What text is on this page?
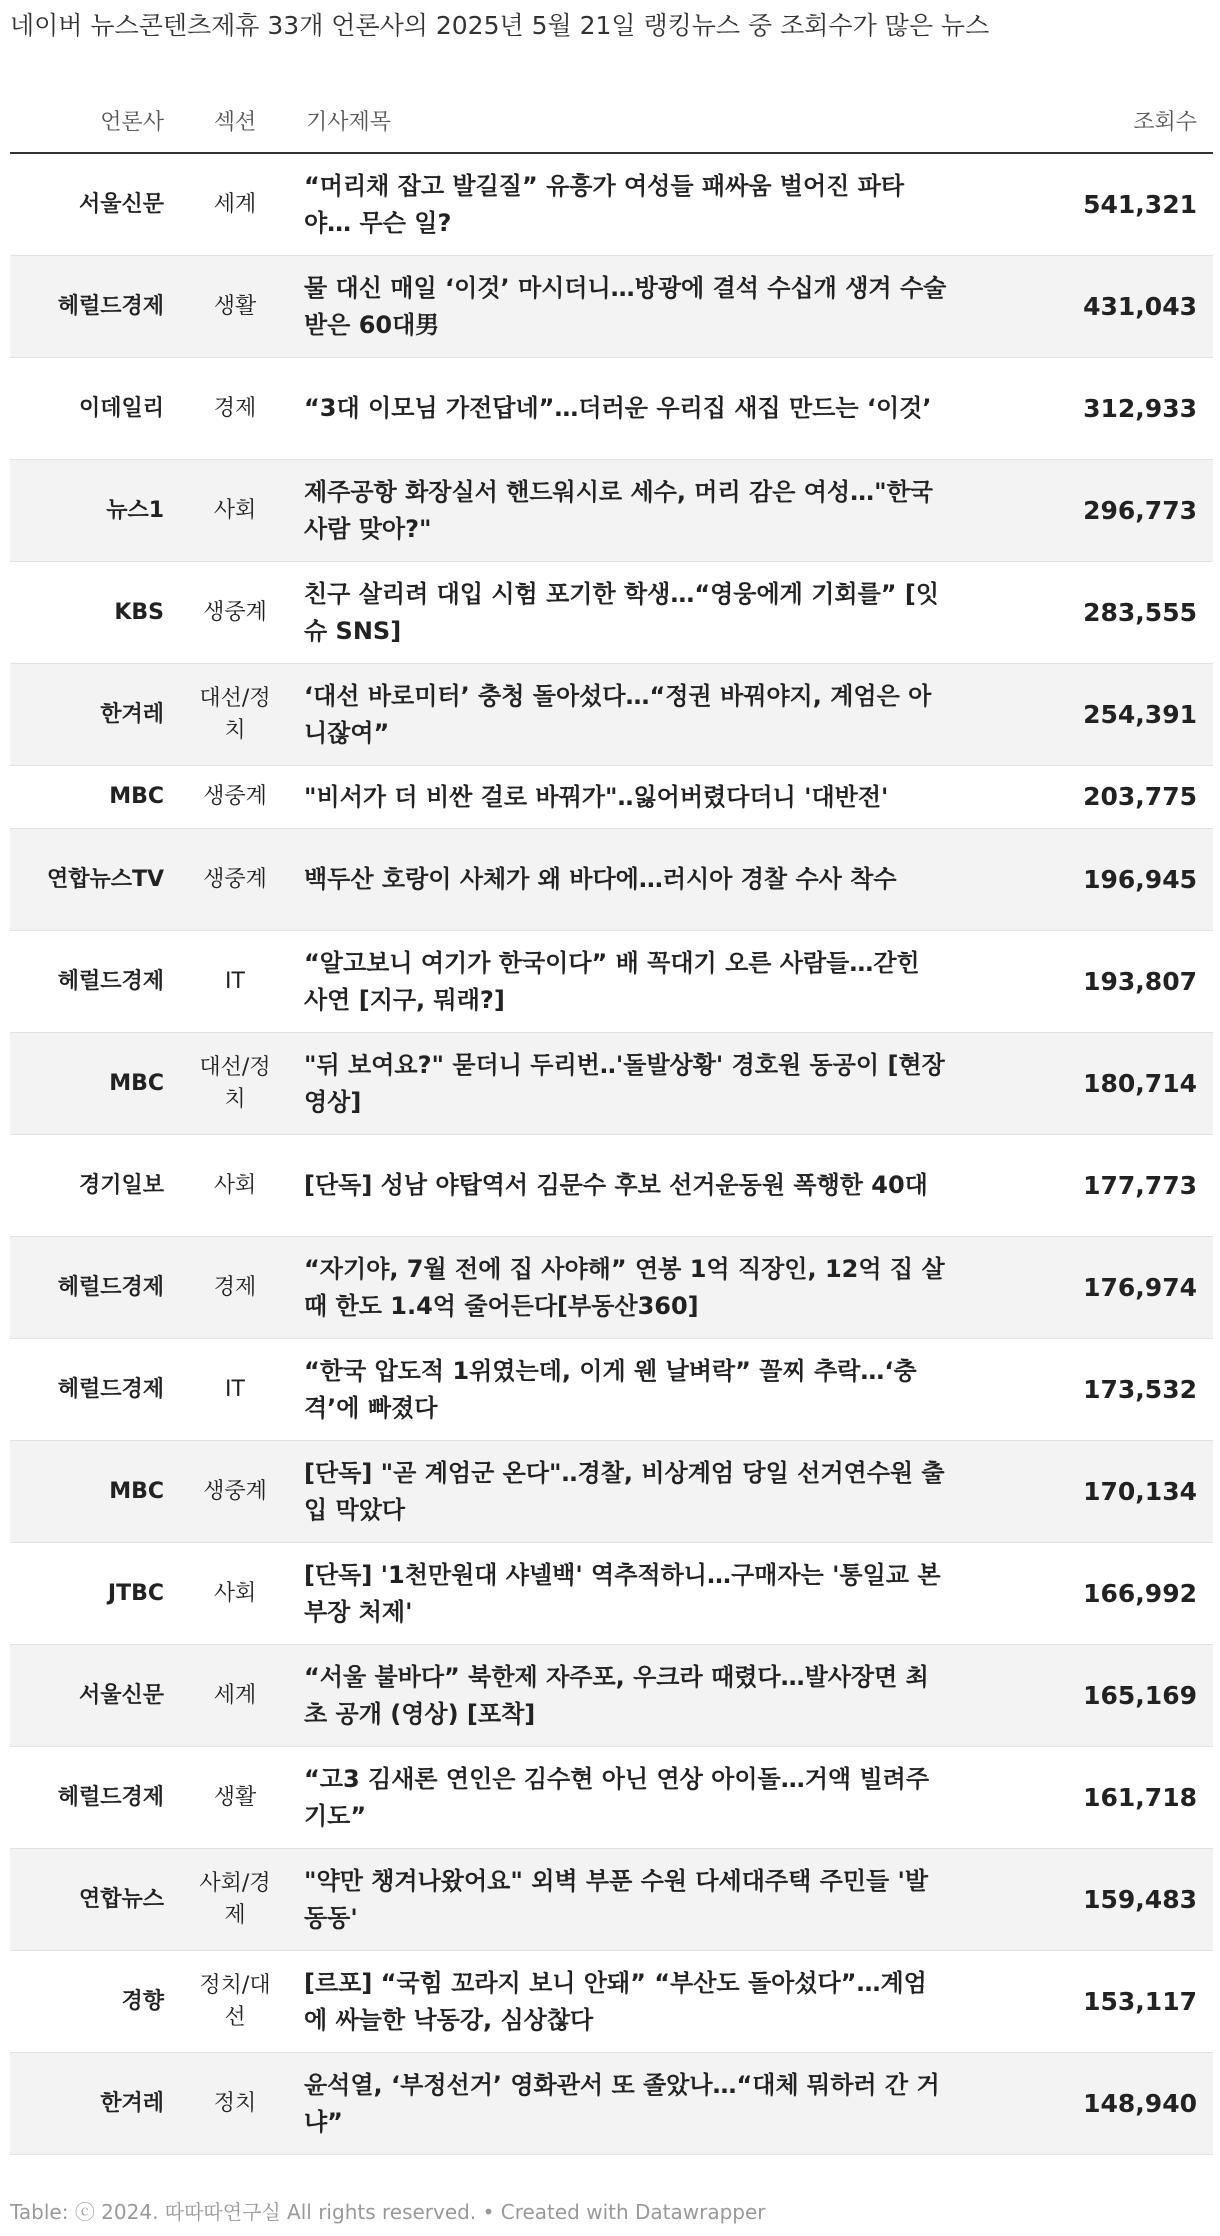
네이버 뉴스콘텐츠제휴 33개 언론사의 2025년 5월 21일 랭킹뉴스 중 조회수가 많은 뉴스
언론사	섹션	기사제목	조회수
서울신문	세계	“머리채 잡고 발길질” 유흥가 여성들 패싸움 벌어진 파타야… 무슨 일?	541,321
헤럴드경제	생활	물 대신 매일 ‘이것’ 마시더니…방광에 결석 수십개 생겨 수술받은 60대男	431,043
이데일리	경제	“3대 이모님 가전답네”…더러운 우리집 새집 만드는 ‘이것’	312,933
뉴스1	사회	제주공항 화장실서 핸드워시로 세수, 머리 감은 여성…"한국 사람 맞아?"	296,773
KBS	생중계	친구 살리려 대입 시험 포기한 학생…“영웅에게 기회를” [잇슈 SNS]	283,555
한겨레	대선/정치	‘대선 바로미터’ 충청 돌아섰다…“정권 바꿔야지, 계엄은 아니잖여”	254,391
MBC	생중계	"비서가 더 비싼 걸로 바꿔가"‥잃어버렸다더니 '대반전'	203,775
연합뉴스TV	생중계	백두산 호랑이 사체가 왜 바다에…러시아 경찰 수사 착수	196,945
헤럴드경제	IT	“알고보니 여기가 한국이다” 배 꼭대기 오른 사람들…갇힌 사연 [지구, 뭐래?]	193,807
MBC	대선/정치	"뒤 보여요?" 묻더니 두리번‥'돌발상황' 경호원 동공이 [현장영상]	180,714
경기일보	사회	[단독] 성남 야탑역서 김문수 후보 선거운동원 폭행한 40대	177,773
헤럴드경제	경제	“자기야, 7월 전에 집 사야해” 연봉 1억 직장인, 12억 집 살 때 한도 1.4억 줄어든다[부동산360]	176,974
헤럴드경제	IT	“한국 압도적 1위였는데, 이게 웬 날벼락” 꼴찌 추락…‘충격’에 빠졌다	173,532
MBC	생중계	[단독] "곧 계엄군 온다"‥경찰, 비상계엄 당일 선거연수원 출입 막았다	170,134
JTBC	사회	[단독] '1천만원대 샤넬백' 역추적하니…구매자는 '통일교 본부장 처제'	166,992
서울신문	세계	“서울 불바다” 북한제 자주포, 우크라 때렸다…발사장면 최초 공개 (영상) [포착]	165,169
헤럴드경제	생활	“고3 김새론 연인은 김수현 아닌 연상 아이돌…거액 빌려주기도”	161,718
연합뉴스	사회/경제	"약만 챙겨나왔어요" 외벽 부푼 수원 다세대주택 주민들 '발동동'	159,483
경향	정치/대선	[르포] “국힘 꼬라지 보니 안돼” “부산도 돌아섰다”…계엄에 싸늘한 낙동강, 심상찮다	153,117
한겨레	정치	윤석열, ‘부정선거’ 영화관서 또 졸았나…“대체 뭐하러 간 거냐”	148,940
Table: ⓒ 2024. 따따따연구실 All rights reserved. • Created with Datawrapper
